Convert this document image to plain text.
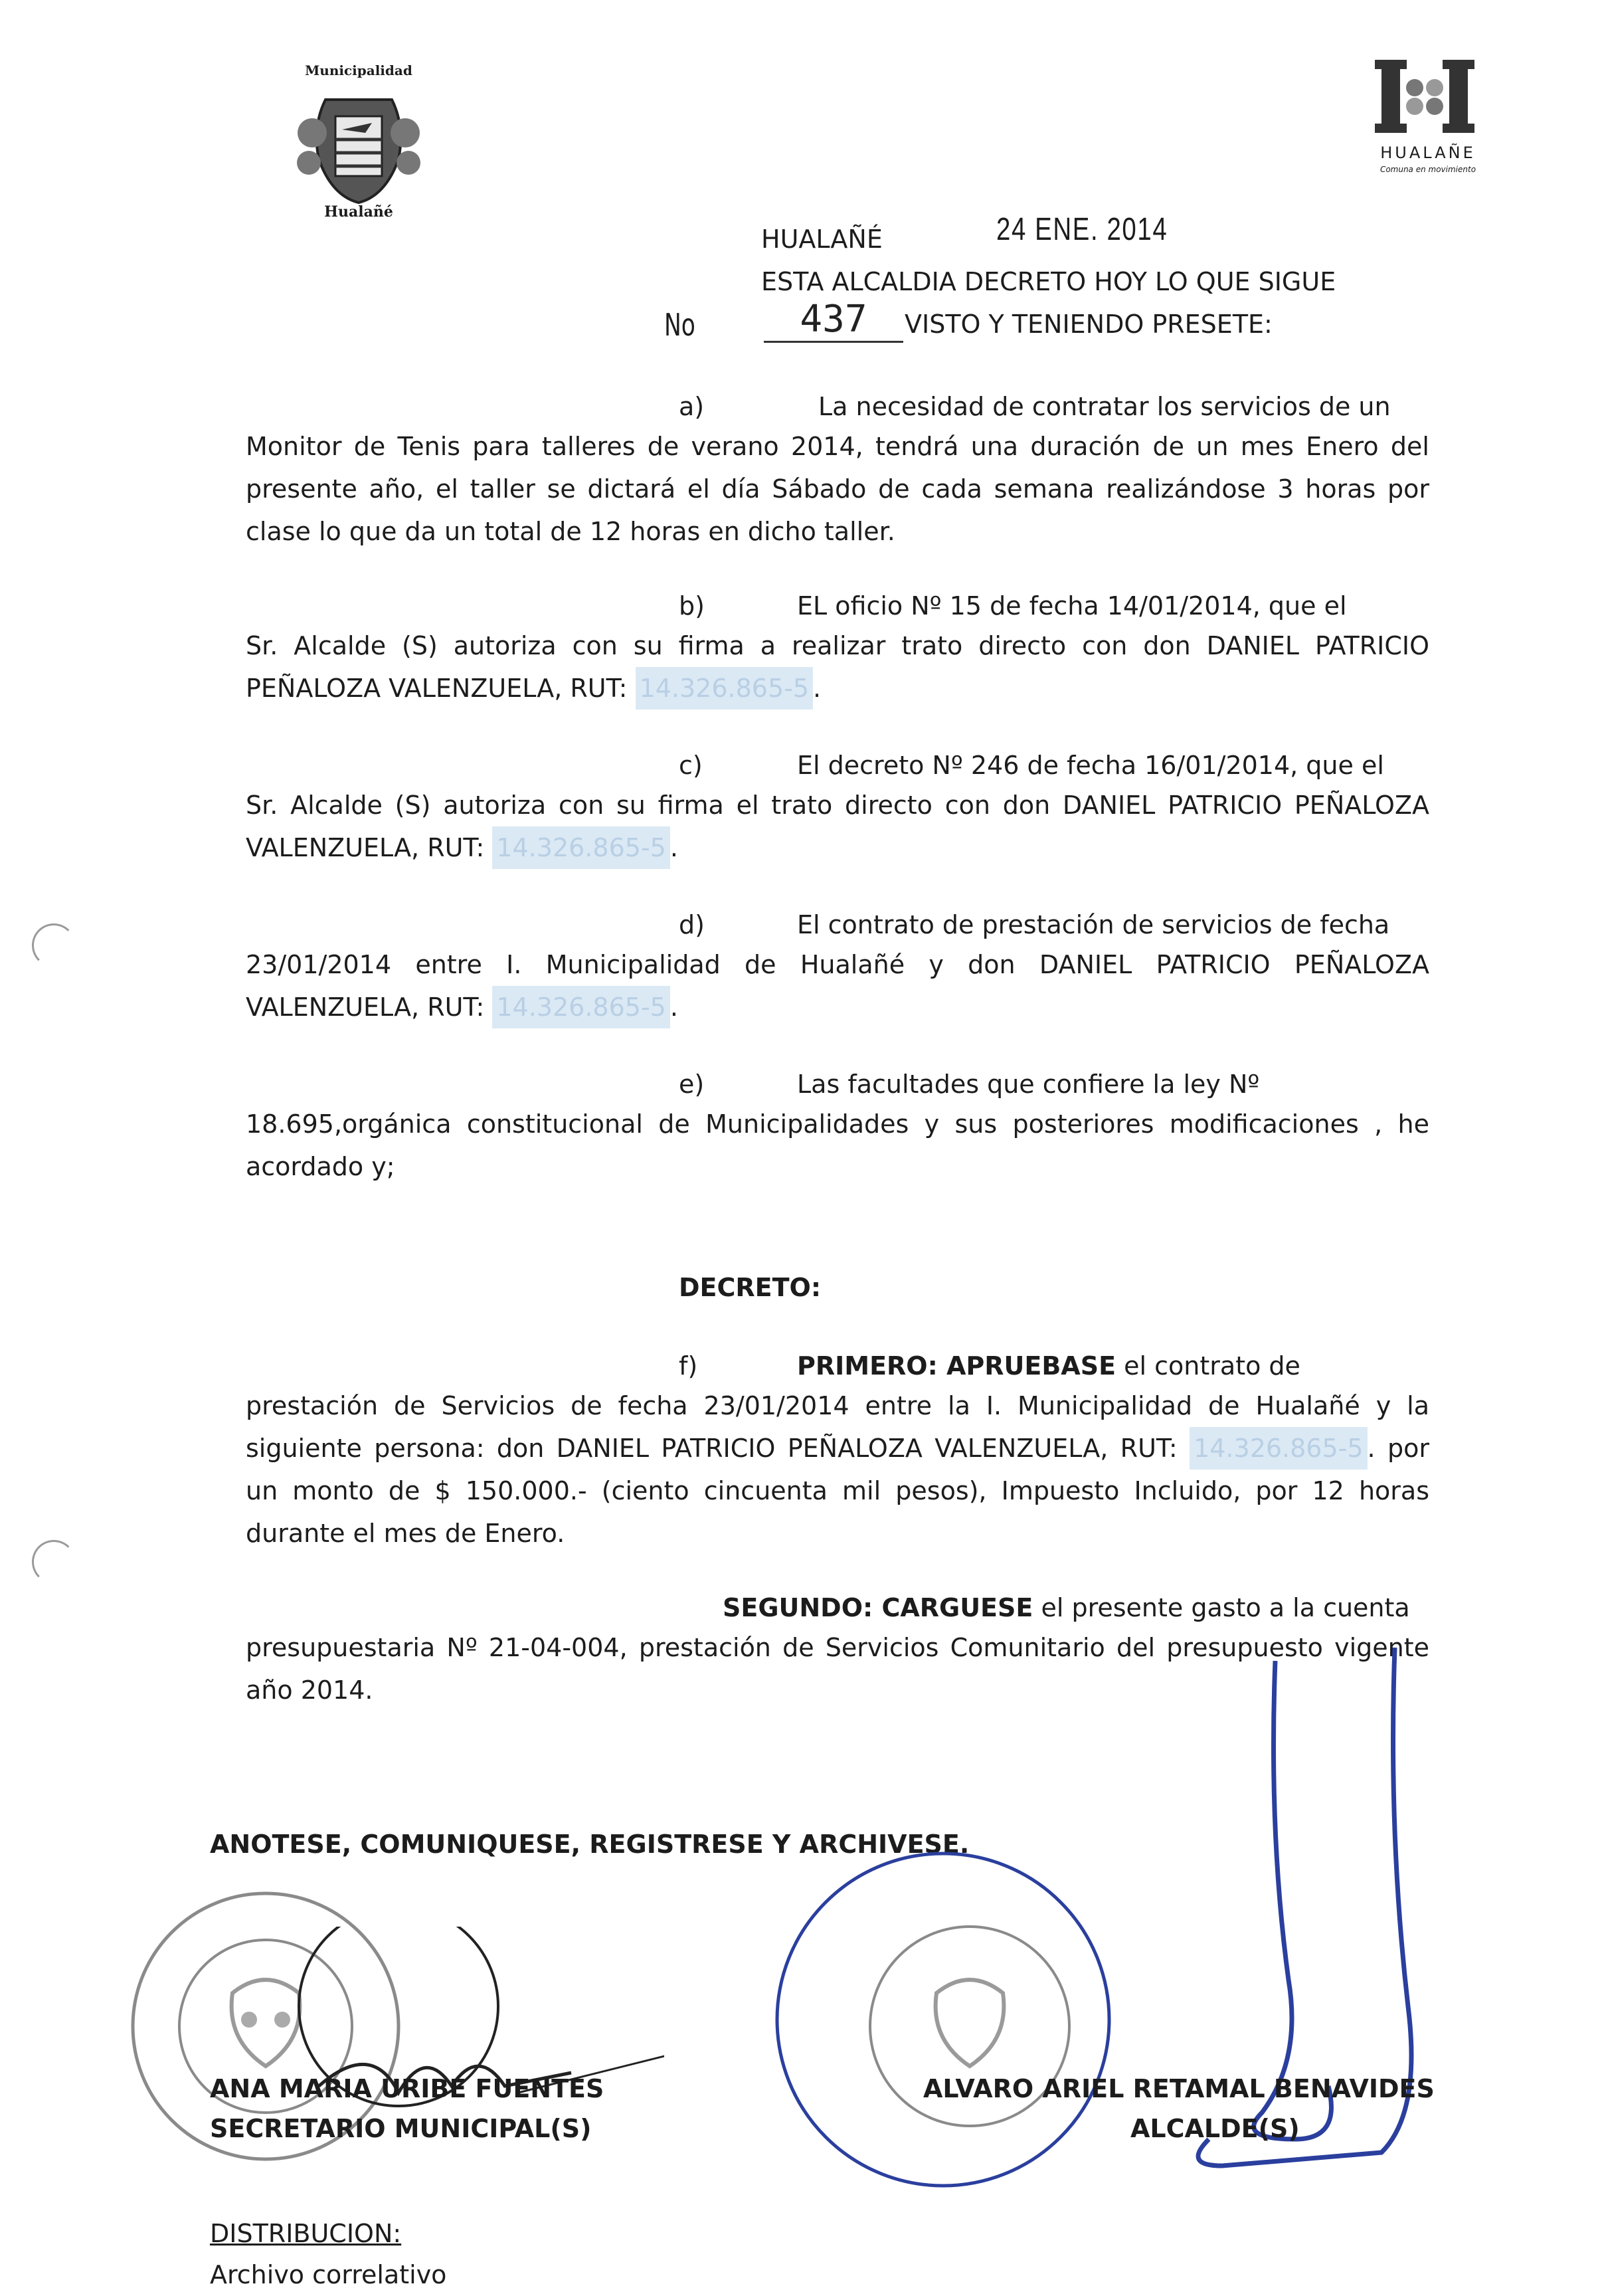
Municipalidad
Hualañé
HUALAÑE
Comuna en movimiento
HUALAÑÉ	24 ENE. 2014
ESTA ALCALDIA DECRETO HOY LO QUE SIGUE
No	437	VISTO Y TENIENDO PRESETE:
a)	La necesidad de contratar los servicios de un
Monitor de Tenis para talleres de verano 2014, tendrá una duración de un mes Enero del presente año, el taller se dictará el día Sábado de cada semana realizándose 3 horas por clase lo que da un total de 12 horas en dicho taller.
b)	EL oficio Nº 15 de fecha 14/01/2014, que el
Sr. Alcalde (S) autoriza con su firma a realizar trato directo con don DANIEL PATRICIO PEÑALOZA VALENZUELA, RUT: 14.326.865-5 .
c)	El decreto Nº 246 de fecha 16/01/2014, que el
Sr. Alcalde (S) autoriza con su firma el trato directo con don DANIEL PATRICIO PEÑALOZA VALENZUELA, RUT: 14.326.865-5 .
d)	El contrato de prestación de servicios de fecha
23/01/2014 entre I. Municipalidad de Hualañé y don DANIEL PATRICIO PEÑALOZA VALENZUELA, RUT: 14.326.865-5 .
e)	Las facultades que confiere la ley Nº
18.695,orgánica constitucional de Municipalidades y sus posteriores modificaciones , he acordado y;
DECRETO:
f)	PRIMERO: APRUEBASE el contrato de
prestación de Servicios de fecha 23/01/2014 entre la I. Municipalidad de Hualañé y la siguiente persona: don DANIEL PATRICIO PEÑALOZA VALENZUELA, RUT: 14.326.865-5 . por un monto de $ 150.000.- (ciento cincuenta mil pesos), Impuesto Incluido, por 12 horas durante el mes de Enero.
SEGUNDO: CARGUESE el presente gasto a la cuenta
presupuestaria Nº 21-04-004, prestación de Servicios Comunitario del presupuesto vigente año 2014.
ANOTESE, COMUNIQUESE, REGISTRESE Y ARCHIVESE.
ANA MARIA URIBE FUENTES
SECRETARIO MUNICIPAL(S)
ALVARO ARIEL RETAMAL BENAVIDES
ALCALDE(S)
DISTRIBUCION:
Archivo correlativo
